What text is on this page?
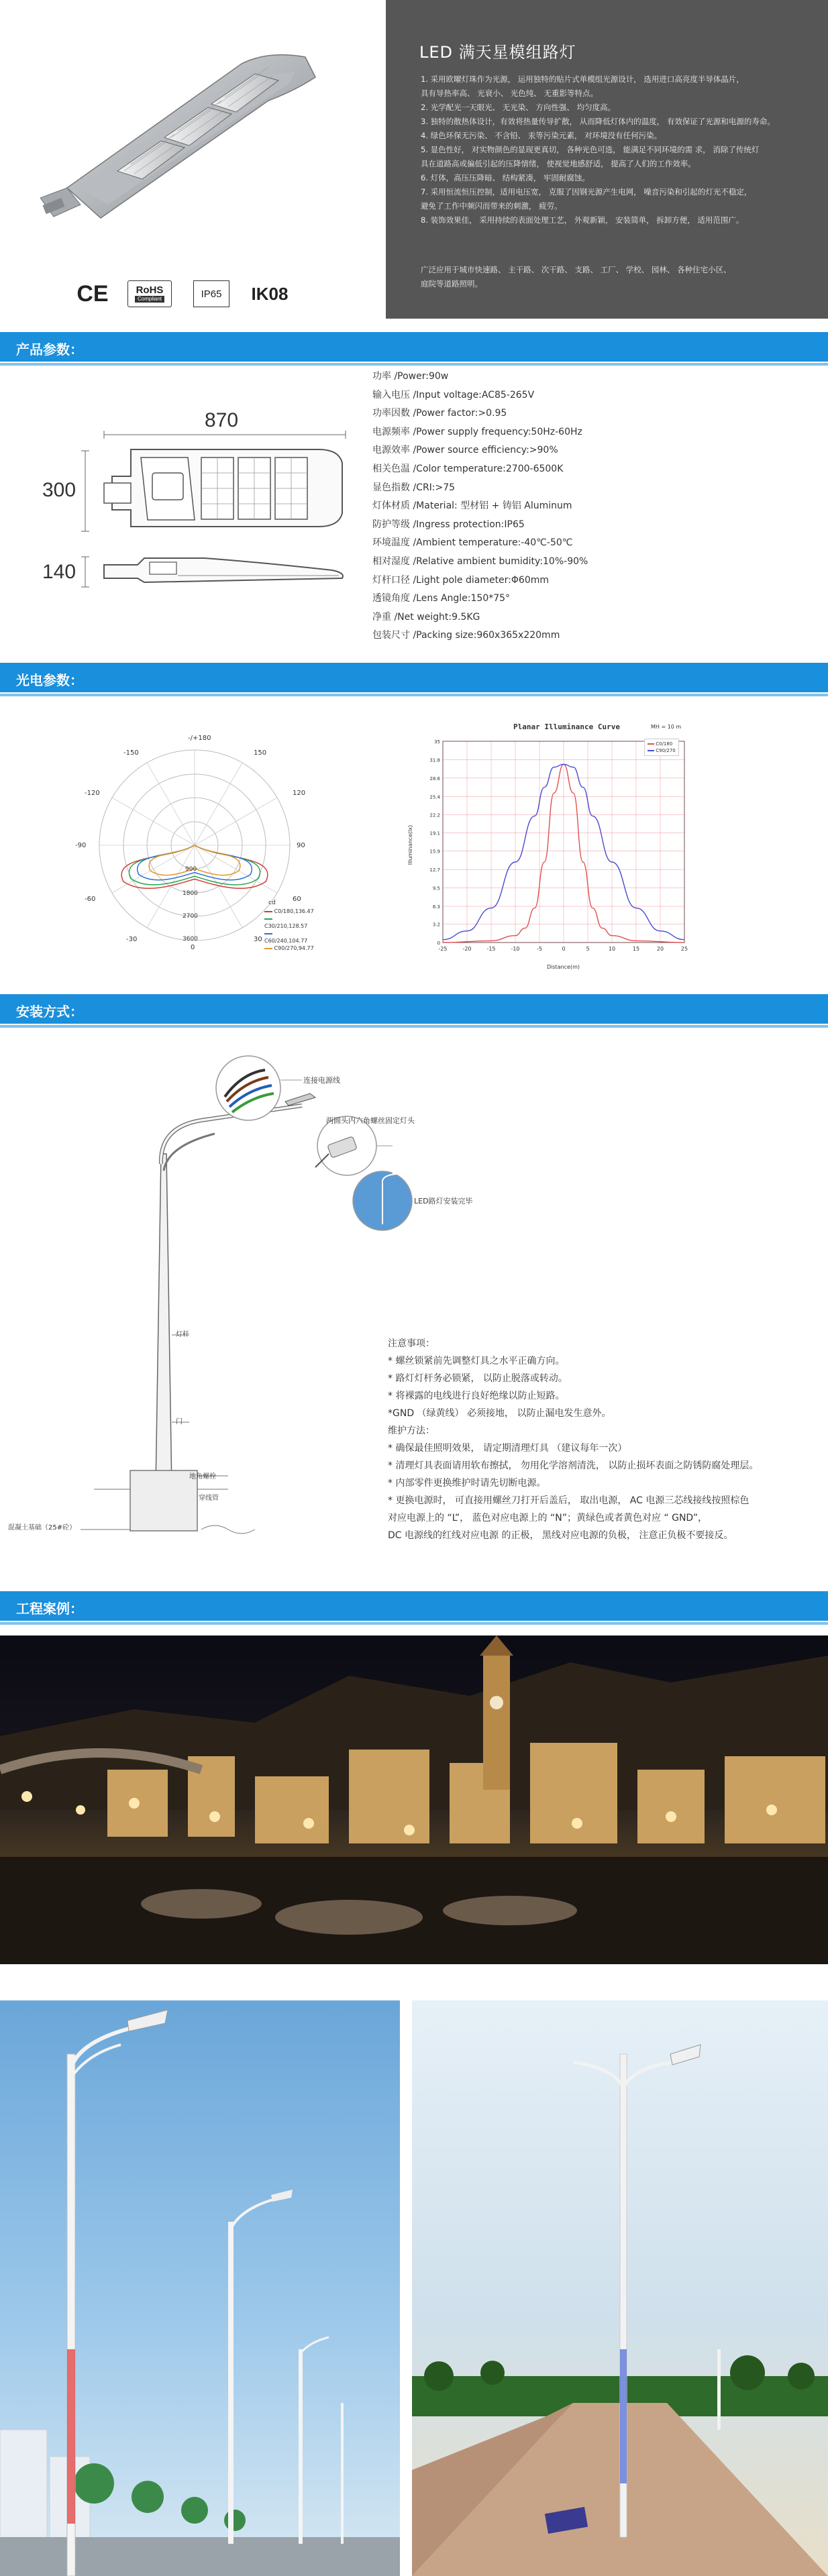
CE	RoHS
Compliant	IP65	IK08
LED 满天星模组路灯

1. 采用欧曜灯珠作为光源， 运用独特的贴片式单模组光源设计， 选用进口高亮度半导体晶片，

具有导热率高、 光衰小、 光色纯、 无重影等特点。

2. 光学配光一天眼光、 无光染、 方向性强、 均匀度高。

3. 独特的散热体设计，有效将热量传导扩散， 从而降低灯体内的温度， 有效保证了光源和电源的寿命。

4. 绿色环保无污染、 不含铅、 汞等污染元素， 对环境没有任何污染。

5. 显色性好， 对实物颜色的显现更真切， 各种光色可选， 能满足不同环境的需 求， 消除了传统灯

具在道路高或偏低引起的压降情绪， 使视觉地感舒适， 提高了人们的工作效率。

6. 灯体，高压压降暗、 结构紧凑， 牢固耐腐蚀。

7. 采用恒流恒压控制，适用电压宽， 克服了因钢光源产生电网， 噪音污染和引起的灯光不稳定，

避免了工作中频闪而带来的刺激， 疲劳。

8. 装饰效果佳， 采用持续的表面处理工艺， 外观新颖， 安装简单， 拆卸方便， 适用范围广。

广泛应用于城市快速路、 主干路、 次干路、 支路、 工厂、 学校、 园林、 各种住宅小区、

庭院等道路照明。

产品参数：
870
300
140
功率 /Power:90w
输入电压 /Input voltage:AC85-265V
功率因数 /Power factor:>0.95
电源频率 /Power supply frequency:50Hz-60Hz
电源效率 /Power source efficiency:>90%
相关色温 /Color temperature:2700-6500K
显色指数 /CRI:>75
灯体材质 /Material: 型材铝 + 铸铝 Aluminum
防护等级 /Ingress protection:IP65
环境温度 /Ambient temperature:-40℃-50℃
相对湿度 /Relative ambient bumidity:10%-90%
灯杆口径 /Light pole diameter:Φ60mm
透镜角度 /Lens Angle:150*75°
净重 /Net weight:9.5KG
包装尺寸 /Packing size:960x365x220mm
光电参数：
-/+180
-150	150
-120
-90
-60
-30
120
90
60
30
0
900
1800
2700
3600
cd
C0/180,136.47
C30/210,128.57
C60/240,104.77
C90/270,94.77	-25	-20	-15	-10	-5	0	5	10	15	20	25
0
3.2
6.3
9.5
12.7
15.9
19.1
22.2
25.4
28.6
31.8
35
Planar Illuminance Curve	MH = 10 m
C0/180
C90/270
Distance(m)
Illuminance(lx)
安装方式：
连接电源线
两圆头内六角螺丝固定灯头
LED路灯安装完毕
灯杆
门
地角螺栓
穿线管
混凝土基础（25#砼）

注意事项：

* 螺丝锁紧前先调整灯具之水平正确方向。

* 路灯灯杆务必锁紧， 以防止脱落或转动。

* 将裸露的电线进行良好绝缘以防止短路。

*GND （绿黄线） 必须接地， 以防止漏电发生意外。

维护方法：

* 确保最佳照明效果， 请定期清理灯具 （建议每年一次）

* 清理灯具表面请用软布擦拭， 勿用化学溶剂清洗， 以防止损坏表面之防锈防腐处理层。

* 内部零件更换维护时请先切断电源。

* 更换电源时， 可直接用螺丝刀打开后盖后， 取出电源， AC 电源三芯线接线按照棕色

对应电源上的 “L”， 蓝色对应电源上的 “N”；黄绿色或者黄色对应 “ GND”，

DC 电源线的红线对应电源 的正极， 黑线对应电源的负极， 注意正负极不要接反。

工程案例：
